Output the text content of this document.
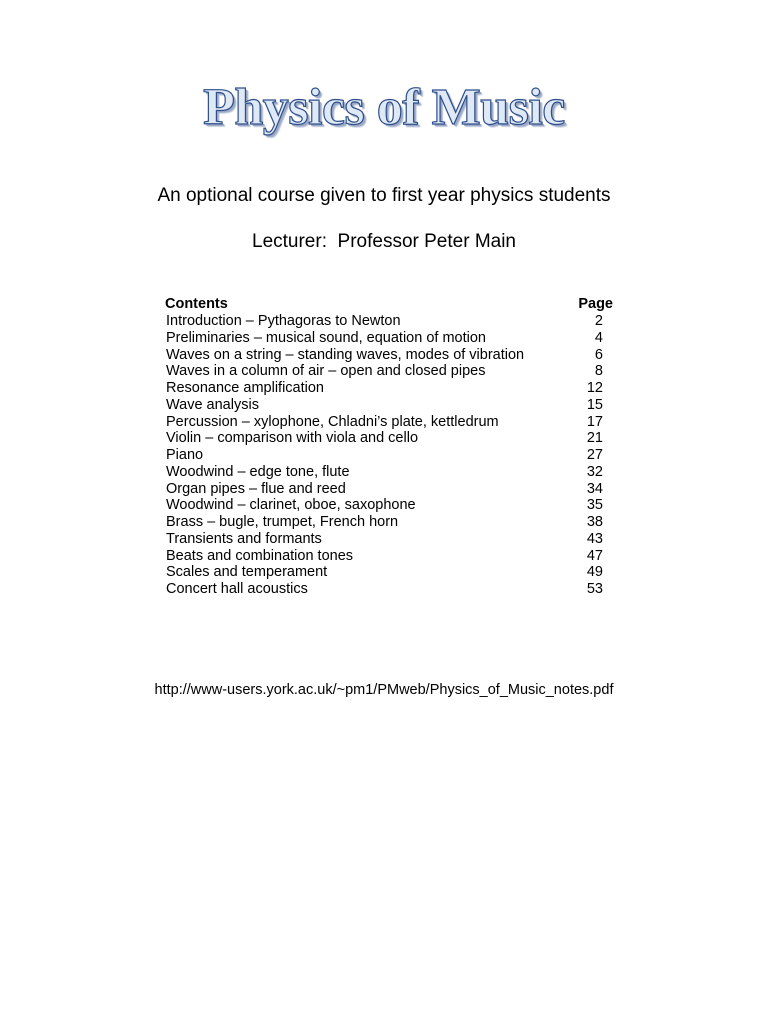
Physics of Music
An optional course given to first year physics students
Lecturer:  Professor Peter Main
Contents	Page
Introduction – Pythagoras to Newton	2
Preliminaries – musical sound, equation of motion	4
Waves on a string – standing waves, modes of vibration	6
Waves in a column of air – open and closed pipes	8
Resonance amplification	12
Wave analysis	15
Percussion – xylophone, Chladni’s plate, kettledrum	17
Violin – comparison with viola and cello	21
Piano	27
Woodwind – edge tone, flute	32
Organ pipes – flue and reed	34
Woodwind – clarinet, oboe, saxophone	35
Brass – bugle, trumpet, French horn	38
Transients and formants	43
Beats and combination tones	47
Scales and temperament	49
Concert hall acoustics	53
http://www-users.york.ac.uk/~pm1/PMweb/Physics_of_Music_notes.pdf
